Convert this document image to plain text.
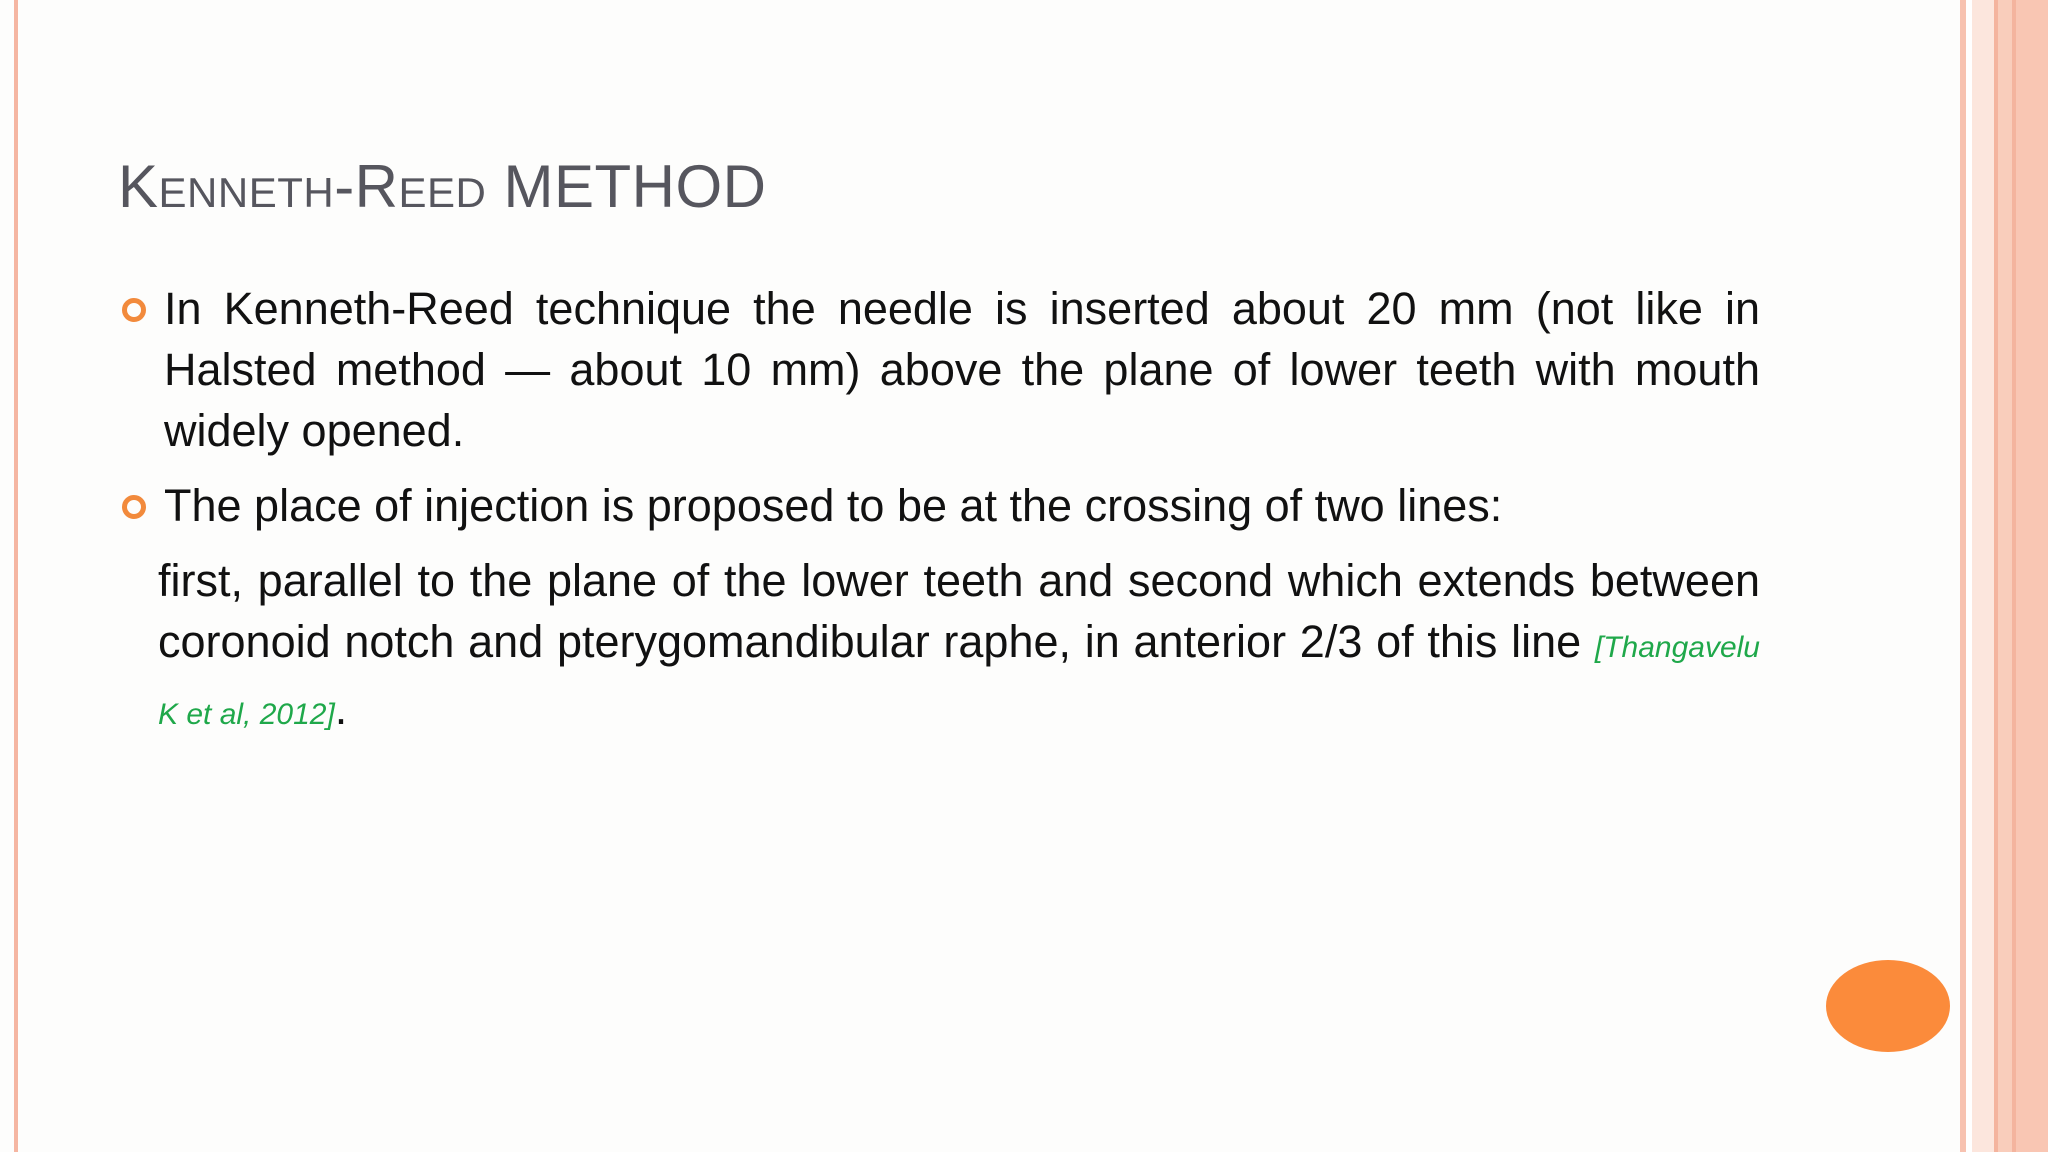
Kenneth-Reed METHOD
In Kenneth-Reed technique the needle is inserted about 20 mm (not like in Halsted method — about 10 mm) above the plane of lower teeth with mouth widely opened.
The place of injection is proposed to be at the crossing of two lines:
first, parallel to the plane of the lower teeth and second which extends between coronoid notch and pterygomandibular raphe, in anterior 2/3 of this line [Thangavelu K et al, 2012].
